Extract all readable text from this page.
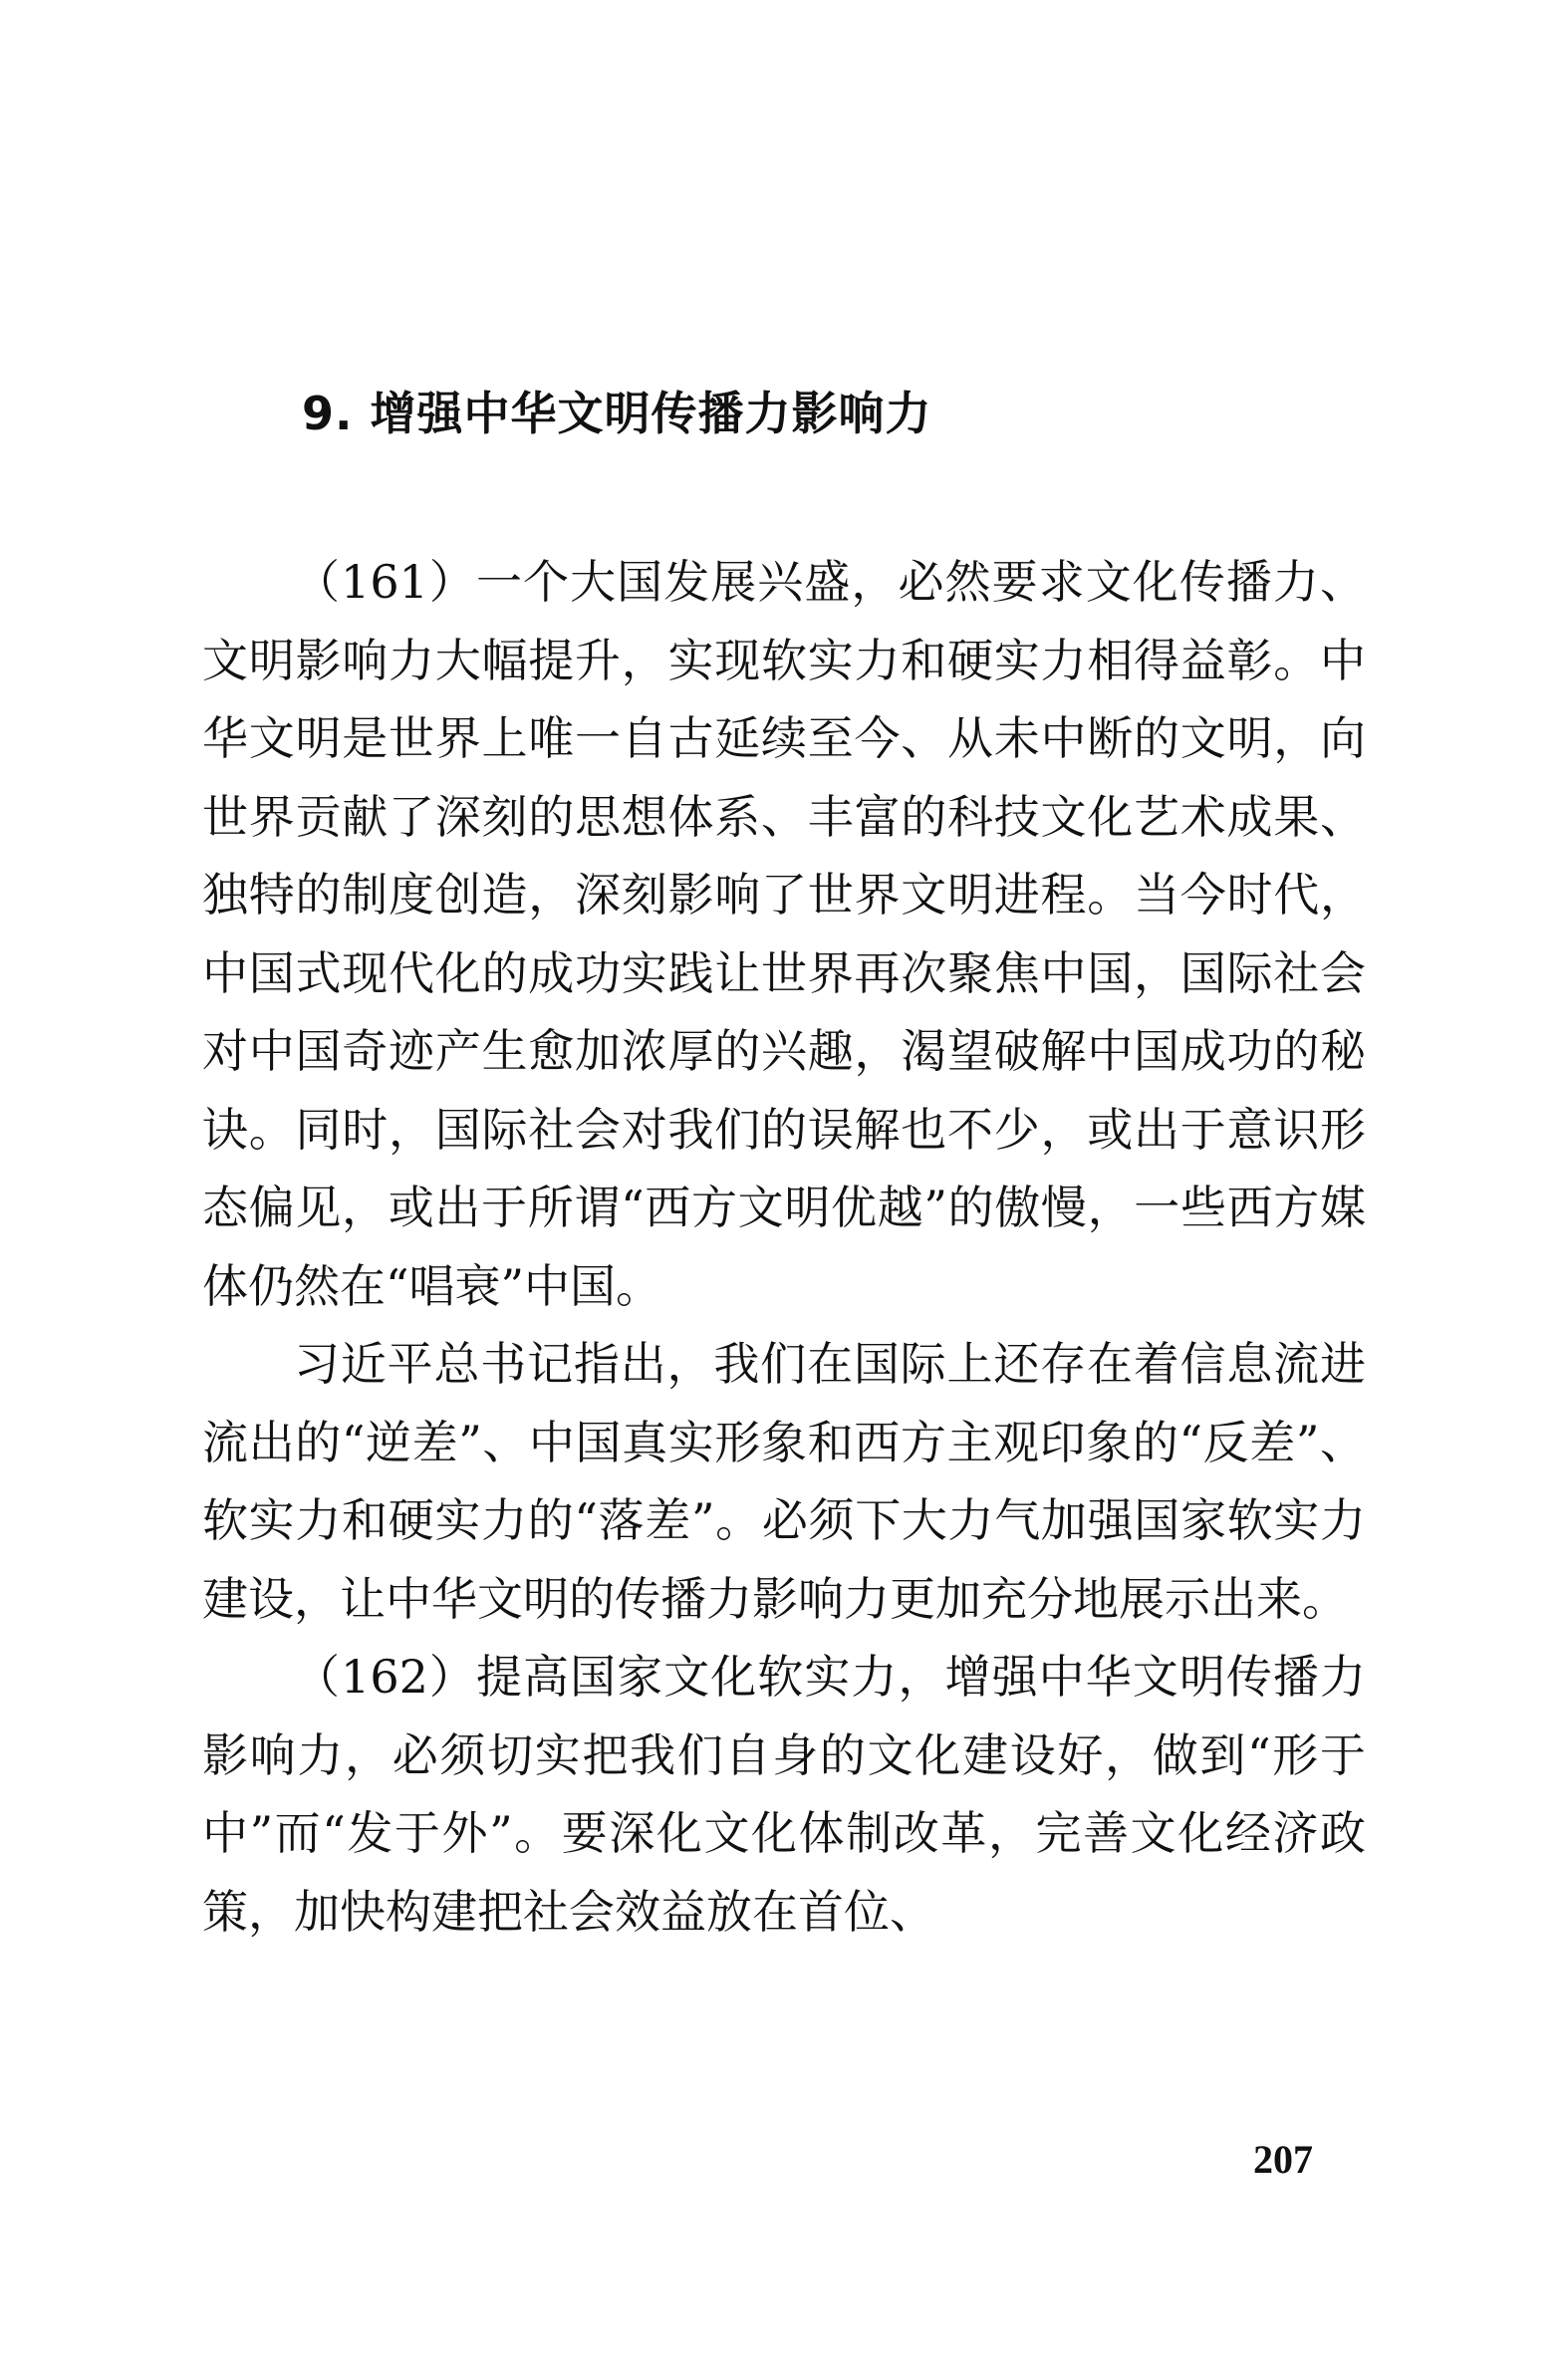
9. 增强中华文明传播力影响力

（161）一个大国发展兴盛，必然要求文化传播力、文明影响力大幅提升，实现软实力和硬实力相得益彰。中华文明是世界上唯一自古延续至今、从未中断的文明，向世界贡献了深刻的思想体系、丰富的科技文化艺术成果、独特的制度创造，深刻影响了世界文明进程。当今时代，中国式现代化的成功实践让世界再次聚焦中国，国际社会对中国奇迹产生愈加浓厚的兴趣，渴望破解中国成功的秘诀。同时，国际社会对我们的误解也不少，或出于意识形态偏见，或出于所谓“西方文明优越”的傲慢，一些西方媒体仍然在“唱衰”中国。

习近平总书记指出，我们在国际上还存在着信息流进流出的“逆差”、中国真实形象和西方主观印象的“反差”、软实力和硬实力的“落差”。必须下大力气加强国家软实力建设，让中华文明的传播力影响力更加充分地展示出来。

（162）提高国家文化软实力，增强中华文明传播力影响力，必须切实把我们自身的文化建设好，做到“形于中”而“发于外”。要深化文化体制改革，完善文化经济政策，加快构建把社会效益放在首位、

207
